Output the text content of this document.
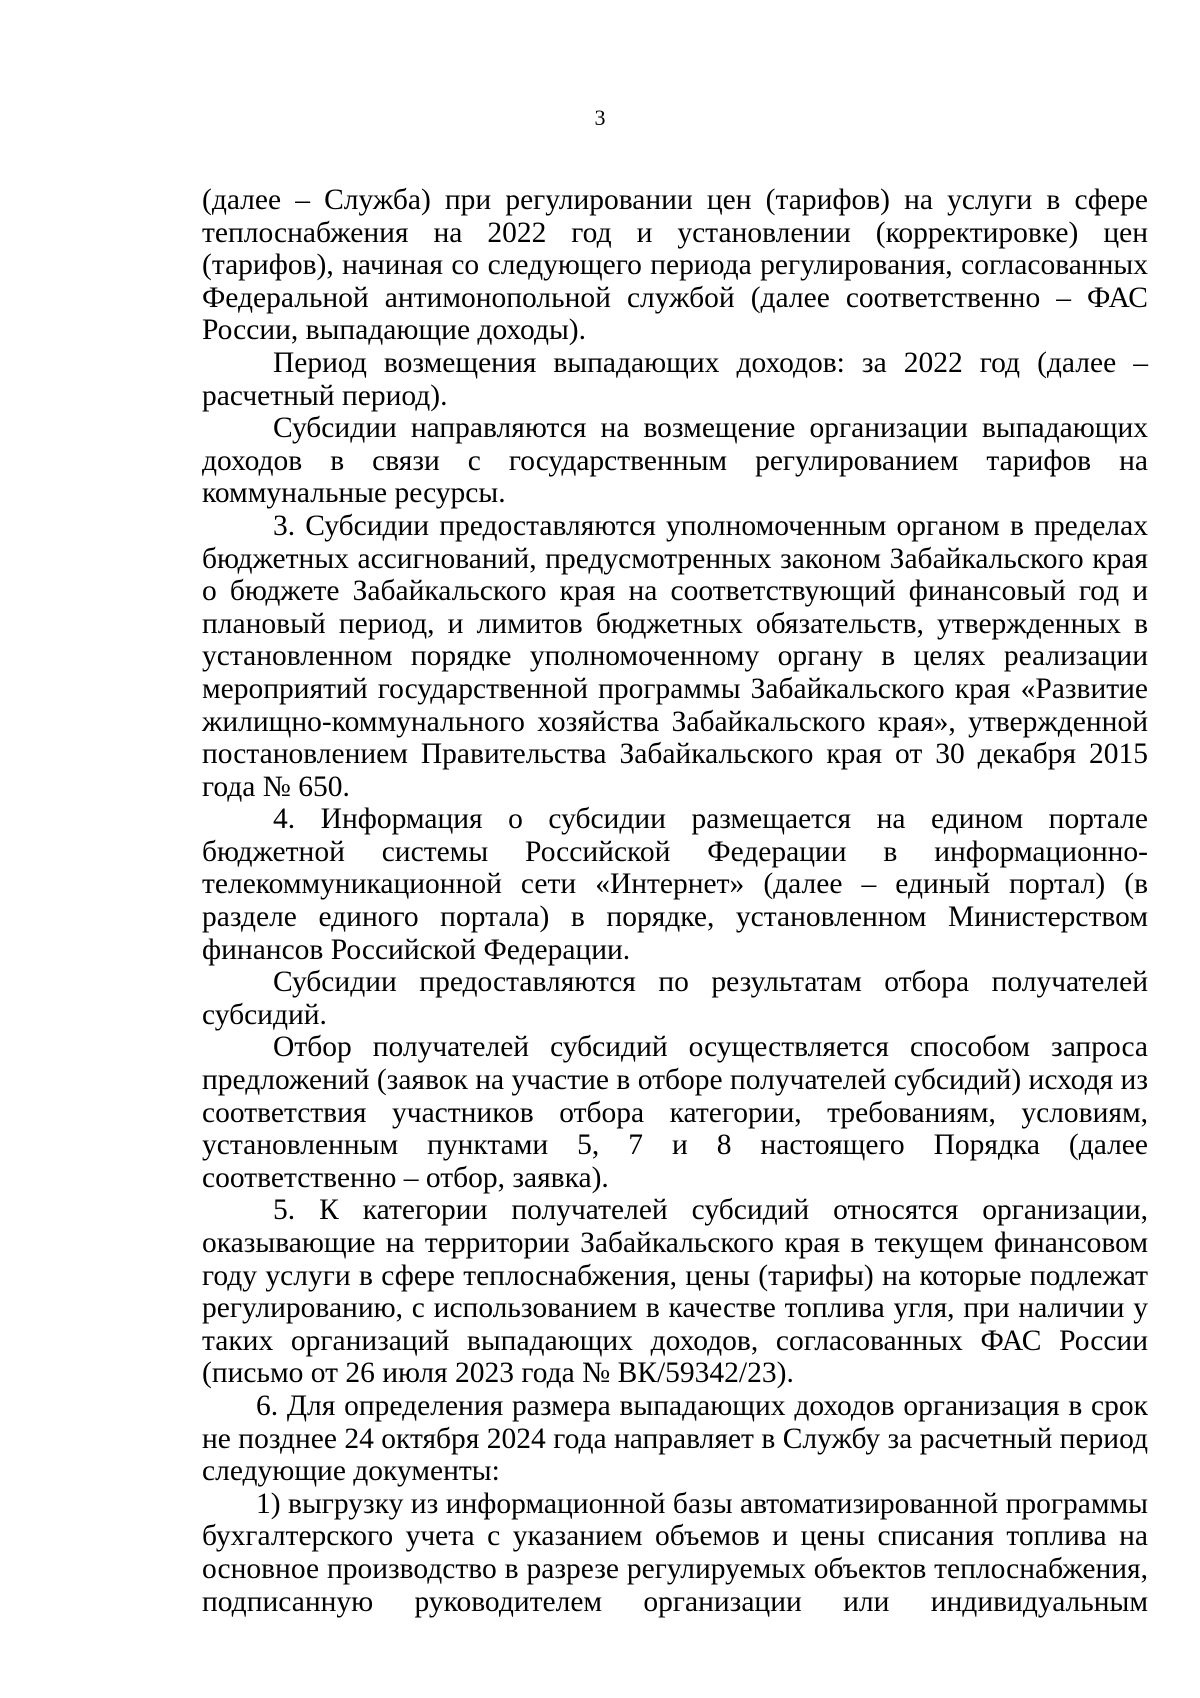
3

(далее – Служба) при регулировании цен (тарифов) на услуги в сфере теплоснабжения на 2022 год и установлении (корректировке) цен (тарифов), начиная со следующего периода регулирования, согласованных Федеральной антимонопольной службой (далее соответственно – ФАС России, выпадающие доходы).

Период возмещения выпадающих доходов: за 2022 год (далее – расчетный период).

Субсидии направляются на возмещение организации выпадающих доходов в связи с государственным регулированием тарифов на коммунальные ресурсы.

3. Субсидии предоставляются уполномоченным органом в пределах бюджетных ассигнований, предусмотренных законом Забайкальского края о бюджете Забайкальского края на соответствующий финансовый год и плановый период, и лимитов бюджетных обязательств, утвержденных в установленном порядке уполномоченному органу в целях реализации мероприятий государственной программы Забайкальского края «Развитие жилищно-коммунального хозяйства Забайкальского края», утвержденной постановлением Правительства Забайкальского края от 30 декабря 2015 года № 650.

4. Информация о субсидии размещается на едином портале бюджетной системы Российской Федерации в информационно-телекоммуникационной сети «Интернет» (далее – единый портал) (в разделе единого портала) в порядке, установленном Министерством финансов Российской Федерации.

Субсидии предоставляются по результатам отбора получателей субсидий.

Отбор получателей субсидий осуществляется способом запроса предложений (заявок на участие в отборе получателей субсидий) исходя из соответствия участников отбора категории, требованиям, условиям, установленным пунктами 5, 7 и 8 настоящего Порядка (далее соответственно – отбор, заявка).

5. К категории получателей субсидий относятся организации, оказывающие на территории Забайкальского края в текущем финансовом году услуги в сфере теплоснабжения, цены (тарифы) на которые подлежат регулированию, с использованием в качестве топлива угля, при наличии у таких организаций выпадающих доходов, согласованных ФАС России (письмо от 26 июля 2023 года № ВК/59342/23).

6. Для определения размера выпадающих доходов организация в срок не позднее 24 октября 2024 года направляет в Службу за расчетный период следующие документы:

1) выгрузку из информационной базы автоматизированной программы бухгалтерского учета с указанием объемов и цены списания топлива на основное производство в разрезе регулируемых объектов теплоснабжения, подписанную руководителем организации или индивидуальным
